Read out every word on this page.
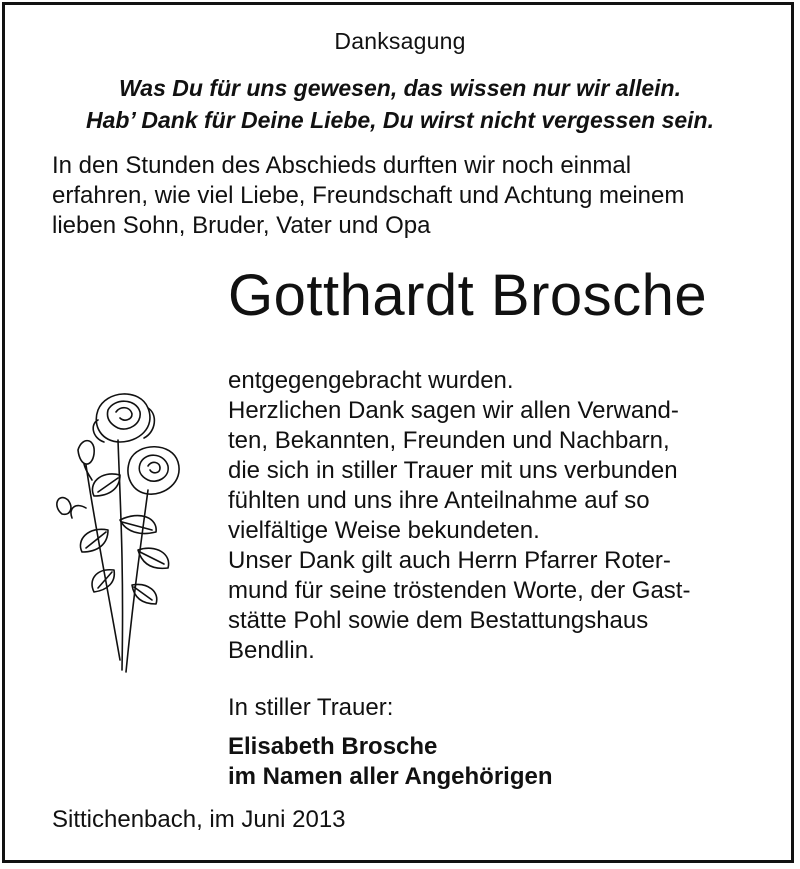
Danksagung
Was Du für uns gewesen, das wissen nur wir allein.
Hab’ Dank für Deine Liebe, Du wirst nicht vergessen sein.
In den Stunden des Abschieds durften wir noch einmal
erfahren, wie viel Liebe, Freundschaft und Achtung meinem
lieben Sohn, Bruder, Vater und Opa
Gotthardt Brosche
entgegengebracht wurden.
Herzlichen Dank sagen wir allen Verwand-
ten, Bekannten, Freunden und Nachbarn,
die sich in stiller Trauer mit uns verbunden
fühlten und uns ihre Anteilnahme auf so
vielfältige Weise bekundeten.
Unser Dank gilt auch Herrn Pfarrer Roter-
mund für seine tröstenden Worte, der Gast-
stätte Pohl sowie dem Bestattungshaus
Bendlin.
In stiller Trauer:
Elisabeth Brosche
im Namen aller Angehörigen
Sittichenbach, im Juni 2013
